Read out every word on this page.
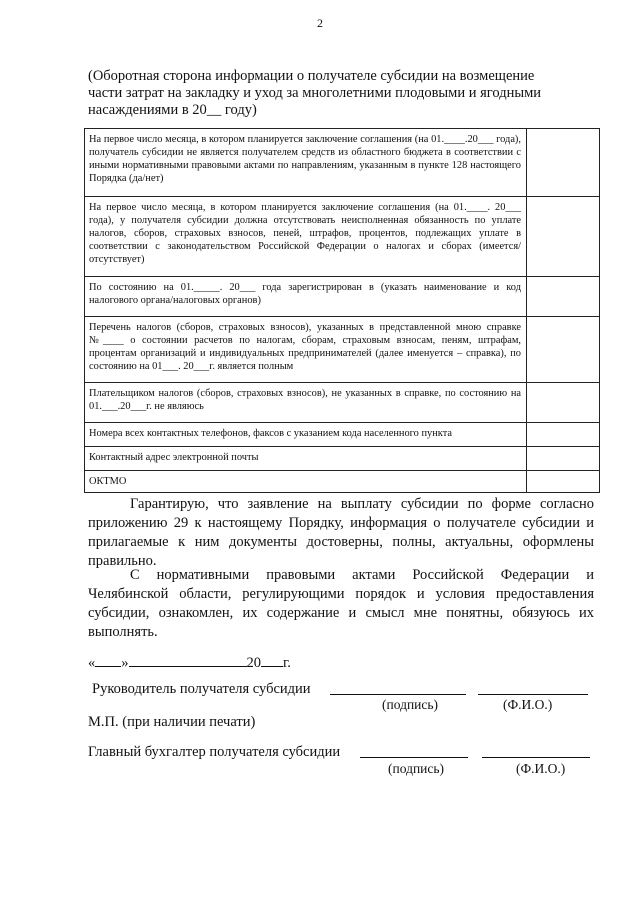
2
(Оборотная сторона информации о получателе субсидии на возмещение части затрат на закладку и уход за многолетними плодовыми и ягодными насаждениями в 20__ году)
На первое число месяца, в котором планируется заключение соглашения (на 01.____.20___ года), получатель субсидии не является получателем средств из областного бюджета в соответствии с иными нормативными правовыми актами по направлениям, указанным в пункте 128 настоящего Порядка (да/нет)	
На первое число месяца, в котором планируется заключение соглашения (на 01.____. 20___ года), у получателя субсидии должна отсутствовать неисполненная обязанность по уплате налогов, сборов, страховых взносов, пеней, штрафов, процентов, подлежащих уплате в соответствии с законодательством Российской Федерации о налогах и сборах (имеется/отсутствует)	
По состоянию на 01._____. 20___ года зарегистрирован в (указать наименование и код налогового органа/налоговых органов)	
Перечень налогов (сборов, страховых взносов), указанных в представленной мною справке №____ о состоянии расчетов по налогам, сборам, страховым взносам, пеням, штрафам, процентам организаций и индивидуальных предпринимателей (далее именуется – справка), по состоянию на 01___. 20___г. является полным	
Плательщиком налогов (сборов, страховых взносов), не указанных в справке, по состоянию на 01.___.20___г. не являюсь	
Номера всех контактных телефонов, факсов с указанием кода населенного пункта	
Контактный адрес электронной почты	
ОКТМО	
Гарантирую, что заявление на выплату субсидии по форме согласно приложению 29 к настоящему Порядку, информация о получателе субсидии и прилагаемые к ним документы достоверны, полны, актуальны, оформлены правильно.
С нормативными правовыми актами Российской Федерации и Челябинской области, регулирующими порядок и условия предоставления субсидии, ознакомлен, их содержание и смысл мне понятны, обязуюсь их выполнять.
« »	20 г.
Руководитель получателя субсидии
(подпись)	(Ф.И.О.)
М.П. (при наличии печати)
Главный бухгалтер получателя субсидии
(подпись)	(Ф.И.О.)
